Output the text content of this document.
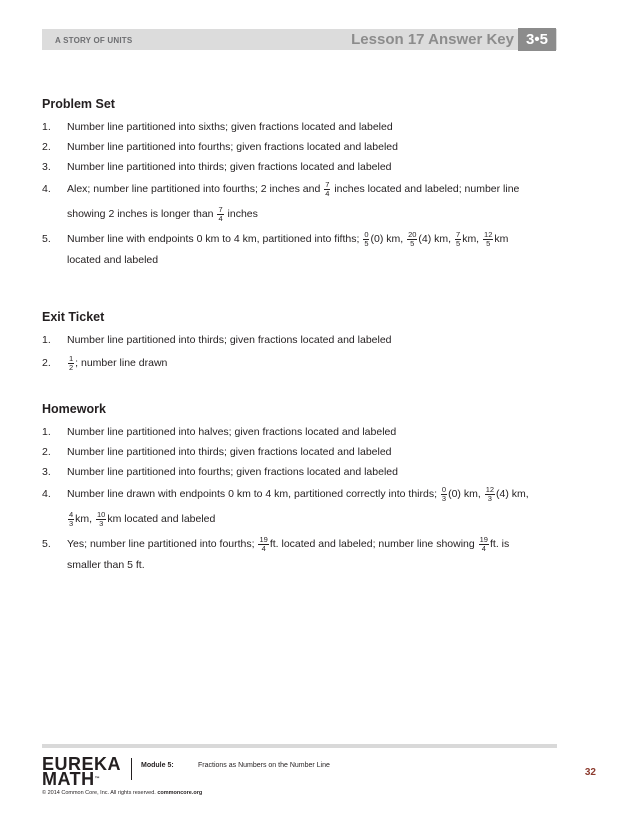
A STORY OF UNITS	Lesson 17 Answer Key 3•5
Problem Set
1. Number line partitioned into sixths; given fractions located and labeled
2. Number line partitioned into fourths; given fractions located and labeled
3. Number line partitioned into thirds; given fractions located and labeled
4. Alex; number line partitioned into fourths; 2 inches and $\frac{7}{4}$ inches located and labeled; number line
showing 2 inches is longer than $\frac{7}{4}$ inches
5. Number line with endpoints 0 km to 4 km, partitioned into fifths; $\frac{0}{5} (0)$ km, $\frac{20}{5} (4)$ km, $\frac{7}{5}$ km, $\frac{12}{5}$ km
located and labeled
Exit Ticket
1. Number line partitioned into thirds; given fractions located and labeled
2. $\frac{1}{2}$ ; number line drawn
Homework
1. Number line partitioned into halves; given fractions located and labeled
2. Number line partitioned into thirds; given fractions located and labeled
3. Number line partitioned into fourths; given fractions located and labeled
4. Number line drawn with endpoints 0 km to 4 km, partitioned correctly into thirds; $\frac{0}{3} (0)$ km, $\frac{12}{3} (4)$ km,

$\frac{4}{3}$ km, $\frac{10}{3}$ km located and labeled
5. Yes; number line partitioned into fourths; $\frac{19}{4}$ ft. located and labeled; number line showing $\frac{19}{4}$ ft. is
smaller than 5 ft.
EUREKA
MATH™
© 2014 Common Core, Inc. All rights reserved. commoncore.org
Module 5:	Fractions as Numbers on the Number Line
32
